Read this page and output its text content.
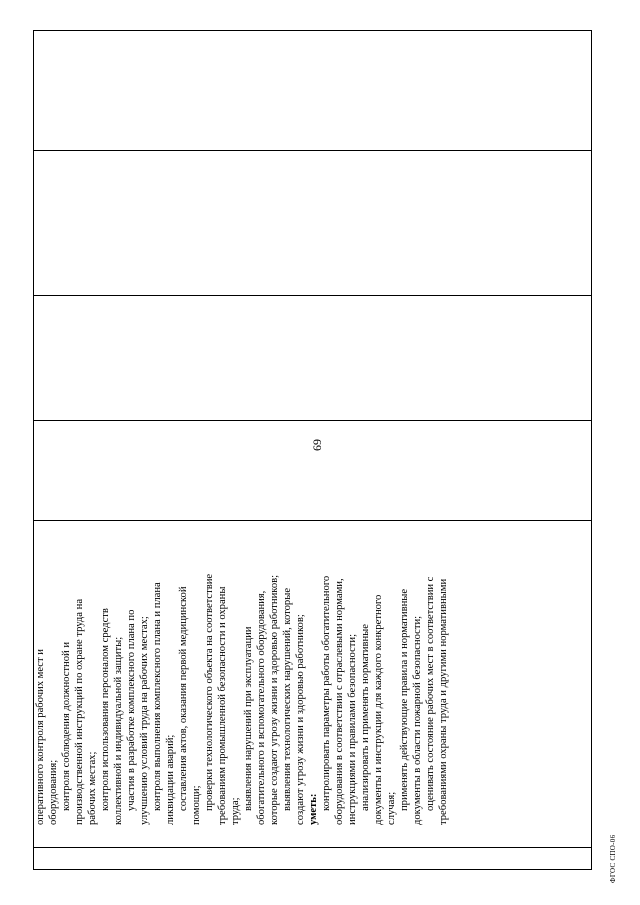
69

оперативного контроля рабочих мест и оборудования; контроля соблюдения должностной и производственной инструкций по охране труда на рабочих местах; контроля использования персоналом средств коллективной и индивидуальной защиты; участия в разработке комплексного плана по улучшению условий труда на рабочих местах; контроля выполнения комплексного плана и плана ликвидации аварий; составления актов, оказания первой медицинской помощи; проверки технологического объекта на соответствие требованиям промышленной безопасности и охраны труда;

выявления нарушений при эксплуатации обогатительного и вспомогательного оборудования, которые создают угрозу жизни и здоровью работников; выявления технологических нарушений, которые создают угрозу жизни и здоровью работников; уметь: контролировать параметры работы обогатительного оборудования в соответствии с отраслевыми нормами, инструкциями и правилами безопасности; анализировать и применять нормативные документы и инструкции для каждого конкретного случая; применять действующие правила и нормативные документы в области пожарной безопасности; оценивать состояние рабочих мест в соответствии с требованиями охраны труда и другими нормативными

ФГОС СПО-06
